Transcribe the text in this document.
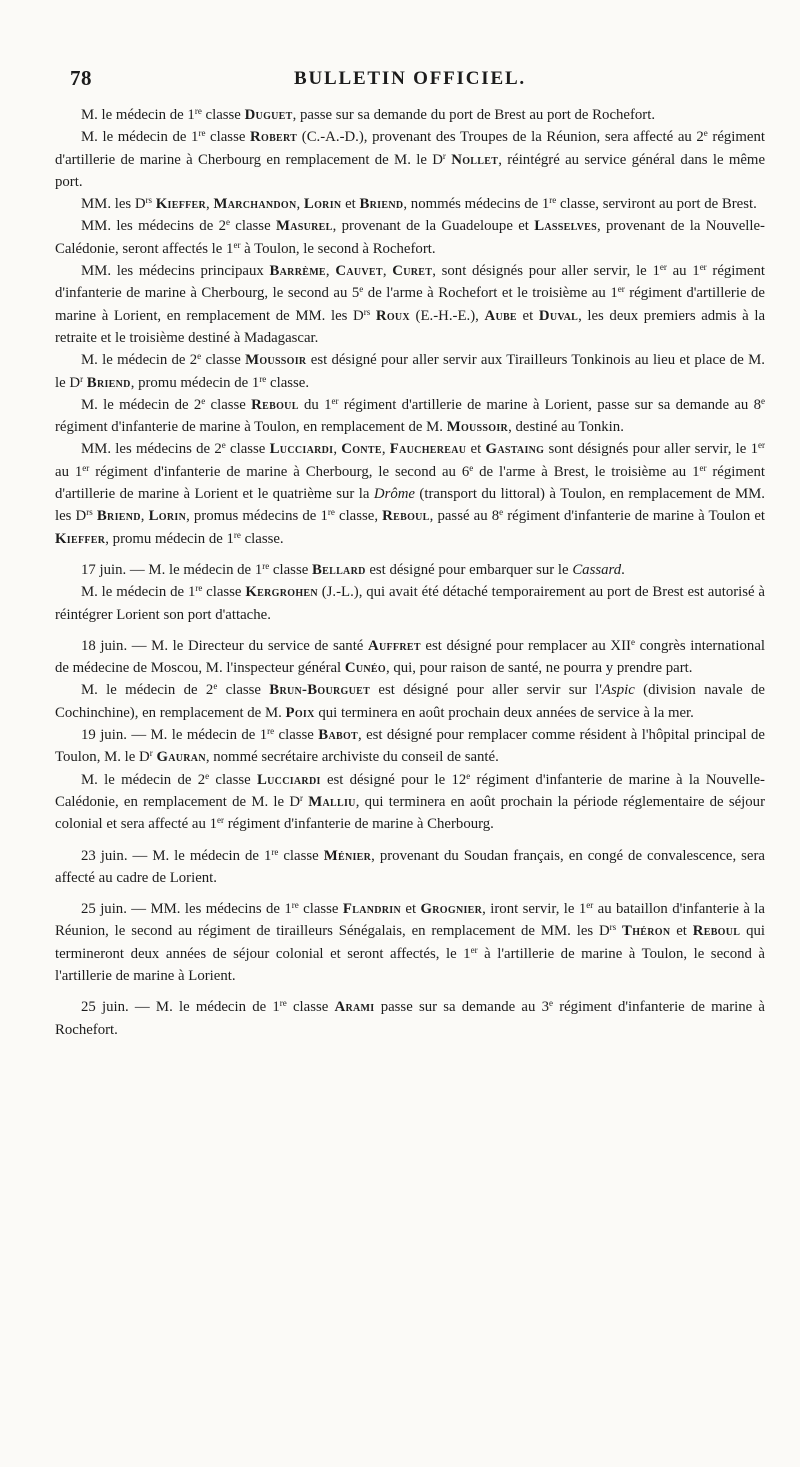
78	BULLETIN OFFICIEL.

M. le médecin de 1re classe Duguet, passe sur sa demande du port de Brest au port de Rochefort.

M. le médecin de 1re classe Robert (C.-A.-D.), provenant des Troupes de la Réunion, sera affecté au 2e régiment d'artillerie de marine à Cherbourg en remplacement de M. le $D^r$ Nollet, réintégré au service général dans le même port.

MM. les $D^{rs}$ Kieffer, Marchandon, Lorin et Briend, nommés médecins de 1re classe, serviront au port de Brest.

MM. les médecins de 2e classe Masurel, provenant de la Guadeloupe et Lasselves, provenant de la Nouvelle-Calédonie, seront affectés le 1er à Toulon, le second à Rochefort.

MM. les médecins principaux Barrème, Cauvet, Curet, sont désignés pour aller servir, le 1er au 1er régiment d'infanterie de marine à Cherbourg, le second au 5e de l'arme à Rochefort et le troisième au 1er régiment d'artillerie de marine à Lorient, en remplacement de MM. les $D^{rs}$ Roux (E.-H.-E.), Aube et Duval, les deux premiers admis à la retraite et le troisième destiné à Madagascar.

M. le médecin de 2e classe Moussoir est désigné pour aller servir aux Tirailleurs Tonkinois au lieu et place de M. le $D^r$ Briend, promu médecin de 1re classe.

M. le médecin de 2e classe Reboul du 1er régiment d'artillerie de marine à Lorient, passe sur sa demande au 8e régiment d'infanterie de marine à Toulon, en remplacement de M. Moussoir, destiné au Tonkin.

MM. les médecins de 2e classe Lucciardi, Conte, Fauchereau et Gastaing sont désignés pour aller servir, le 1er au 1er régiment d'infanterie de marine à Cherbourg, le second au 6e de l'arme à Brest, le troisième au 1er régiment d'artillerie de marine à Lorient et le quatrième sur la Drôme (transport du littoral) à Toulon, en remplacement de MM. les $D^{rs}$ Briend, Lorin, promus médecins de 1re classe, Reboul, passé au 8e régiment d'infanterie de marine à Toulon et Kieffer, promu médecin de 1re classe.

17 juin. — M. le médecin de 1re classe Bellard est désigné pour embarquer sur le Cassard.

M. le médecin de 1re classe Kergrohen (J.-L.), qui avait été détaché temporairement au port de Brest est autorisé à réintégrer Lorient son port d'attache.

18 juin. — M. le Directeur du service de santé Auffret est désigné pour remplacer au XIIe congrès international de médecine de Moscou, M. l'inspecteur général Cunéo, qui, pour raison de santé, ne pourra y prendre part.

M. le médecin de 2e classe Brun-Bourguet est désigné pour aller servir sur l'Aspic (division navale de Cochinchine), en remplacement de M. Poix qui terminera en août prochain deux années de service à la mer.

19 juin. — M. le médecin de 1re classe Babot, est désigné pour remplacer comme résident à l'hôpital principal de Toulon, M. le $D^r$ Gauran, nommé secrétaire archiviste du conseil de santé.

M. le médecin de 2e classe Lucciardi est désigné pour le 12e régiment d'infanterie de marine à la Nouvelle-Calédonie, en remplacement de M. le $D^r$ Malliu, qui terminera en août prochain la période réglementaire de séjour colonial et sera affecté au 1er régiment d'infanterie de marine à Cherbourg.

23 juin. — M. le médecin de 1re classe Ménier, provenant du Soudan français, en congé de convalescence, sera affecté au cadre de Lorient.

25 juin. — MM. les médecins de 1re classe Flandrin et Grognier, iront servir, le 1er au bataillon d'infanterie à la Réunion, le second au régiment de tirailleurs Sénégalais, en remplacement de MM. les $D^{rs}$ Théron et Reboul qui termineront deux années de séjour colonial et seront affectés, le 1er à l'artillerie de marine à Toulon, le second à l'artillerie de marine à Lorient.

25 juin. — M. le médecin de 1re classe Arami passe sur sa demande au 3e régiment d'infanterie de marine à Rochefort.
